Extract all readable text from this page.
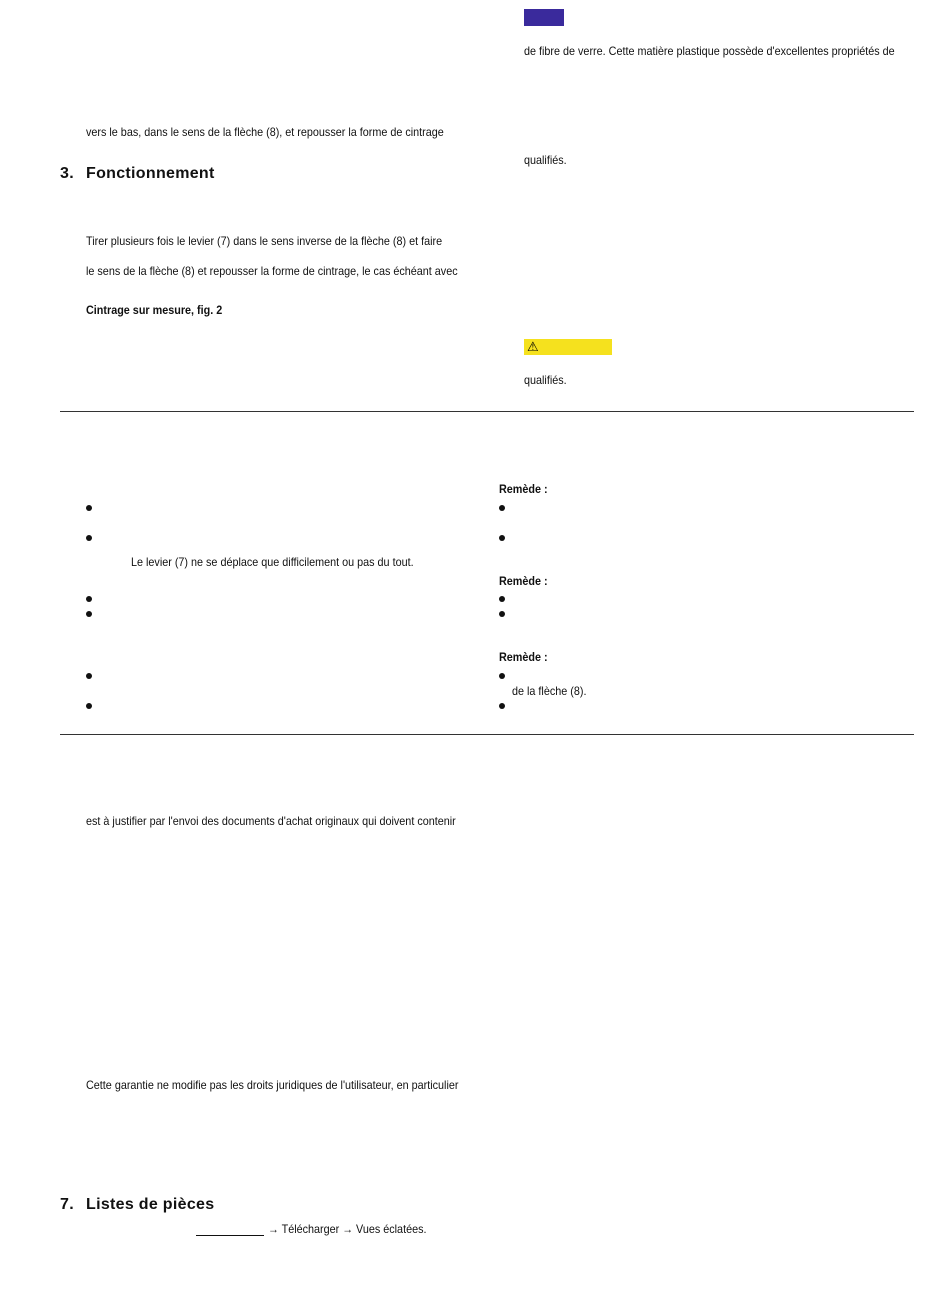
de fibre de verre. Cette matière plastique possède d'excellentes propriétés de
vers le bas, dans le sens de la flèche (8), et repousser la forme de cintrage
qualifiés.
3. Fonctionnement
Tirer plusieurs fois le levier (7) dans le sens inverse de la flèche (8) et faire
le sens de la flèche (8) et repousser la forme de cintrage, le cas échéant avec
Cintrage sur mesure, fig. 2
⚠
qualifiés.
Remède :
Le levier (7) ne se déplace que difficilement ou pas du tout.
Remède :
Remède :
de la flèche (8).
est à justifier par l'envoi des documents d'achat originaux qui doivent contenir
Cette garantie ne modifie pas les droits juridiques de l'utilisateur, en particulier
7. Listes de pièces
→ Télécharger → Vues éclatées.
